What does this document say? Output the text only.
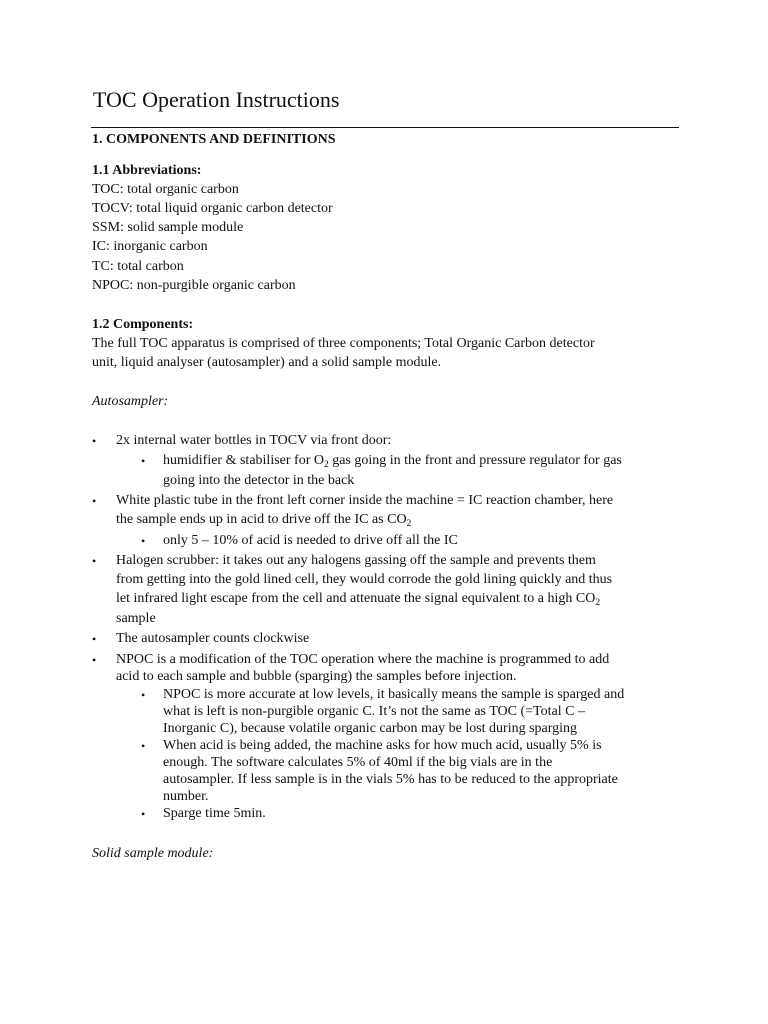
TOC Operation Instructions
1. COMPONENTS AND DEFINITIONS
1.1 Abbreviations:
TOC: total organic carbon
TOCV: total liquid organic carbon detector
SSM: solid sample module
IC: inorganic carbon
TC: total carbon
NPOC: non-purgible organic carbon
1.2 Components:
The full TOC apparatus is comprised of three components; Total Organic Carbon detector
unit, liquid analyser (autosampler) and a solid sample module.
Autosampler:
• 2x internal water bottles in TOCV via front door:
• humidifier & stabiliser for $O_2$ gas going in the front and pressure regulator for gas
going into the detector in the back
• White plastic tube in the front left corner inside the machine = IC reaction chamber, here
the sample ends up in acid to drive off the IC as $CO_2$
• only 5 – 10% of acid is needed to drive off all the IC
• Halogen scrubber: it takes out any halogens gassing off the sample and prevents them
from getting into the gold lined cell, they would corrode the gold lining quickly and thus
let infrared light escape from the cell and attenuate the signal equivalent to a high $CO_2$
sample
• The autosampler counts clockwise
• NPOC is a modification of the TOC operation where the machine is programmed to add
acid to each sample and bubble (sparging) the samples before injection.
• NPOC is more accurate at low levels, it basically means the sample is sparged and
what is left is non-purgible organic C. It’s not the same as TOC (=Total C –
Inorganic C), because volatile organic carbon may be lost during sparging
• When acid is being added, the machine asks for how much acid, usually 5% is
enough. The software calculates 5% of 40ml if the big vials are in the
autosampler. If less sample is in the vials 5% has to be reduced to the appropriate
number.
• Sparge time 5min.
Solid sample module:
